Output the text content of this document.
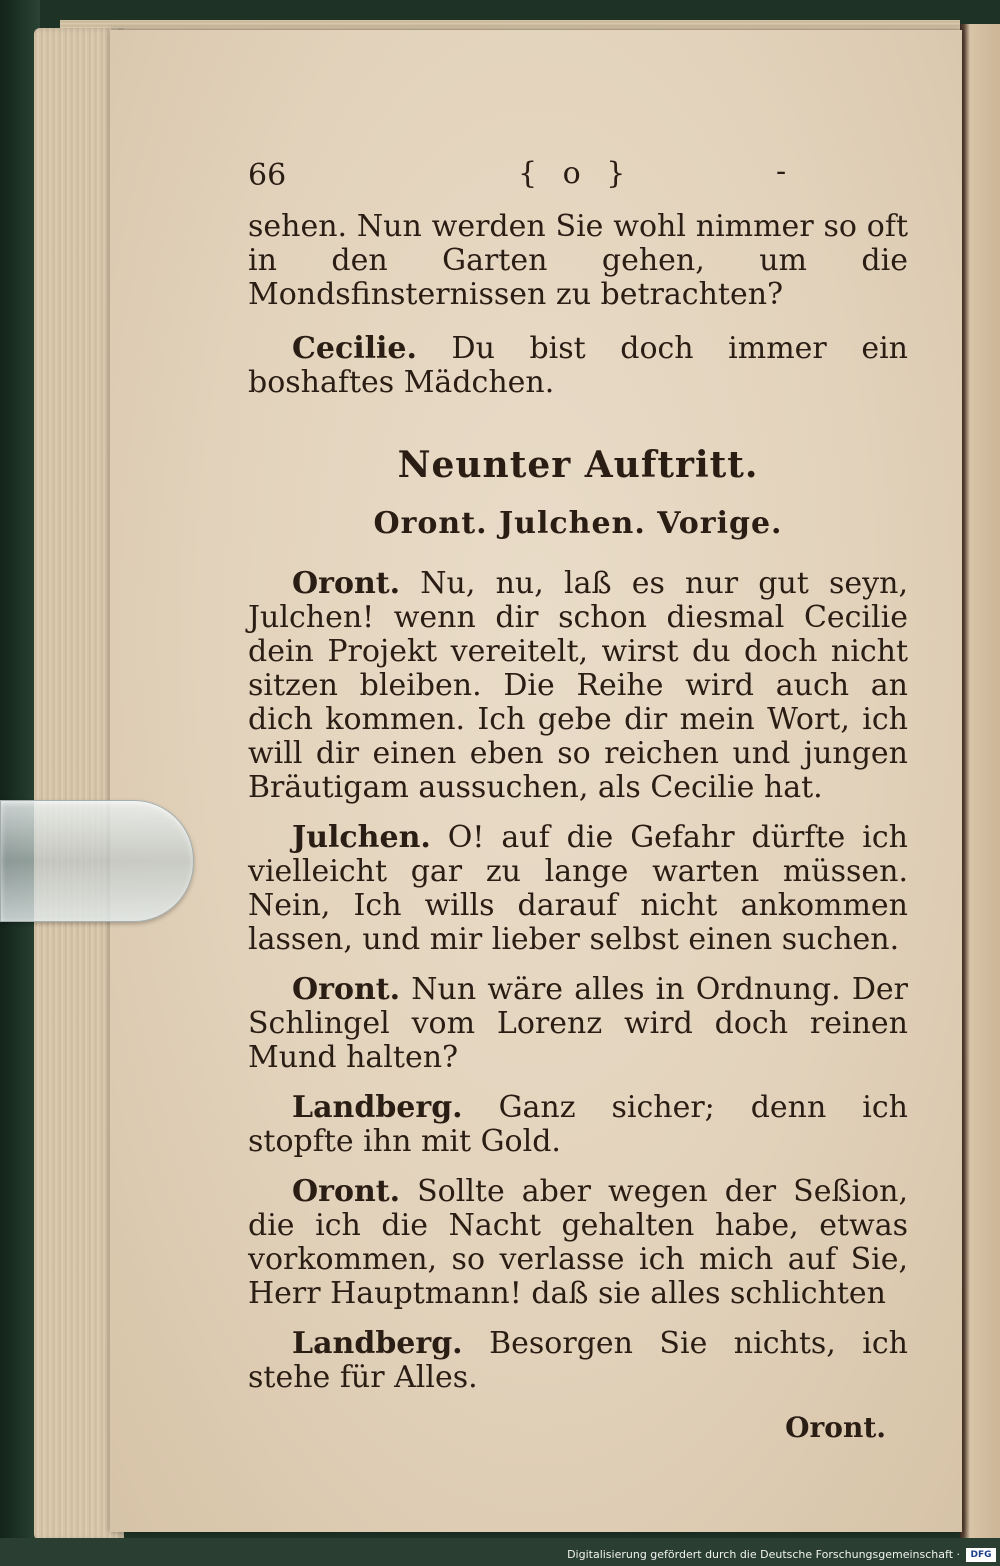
66	{ o }	-

sehen. Nun werden Sie wohl nimmer so oft in den Garten gehen, um die Mondsfinsternissen zu betrachten?

Cecilie. Du bist doch immer ein boshaftes Mädchen.

Neunter Auftritt.
Oront. Julchen. Vorige.

Oront. Nu, nu, laß es nur gut seyn, Julchen! wenn dir schon diesmal Cecilie dein Projekt vereitelt, wirst du doch nicht sitzen bleiben. Die Reihe wird auch an dich kommen. Ich gebe dir mein Wort, ich will dir einen eben so reichen und jungen Bräutigam aussuchen, als Cecilie hat.

Julchen. O! auf die Gefahr dürfte ich vielleicht gar zu lange warten müssen. Nein, Ich wills darauf nicht ankommen lassen, und mir lieber selbst einen suchen.

Oront. Nun wäre alles in Ordnung. Der Schlingel vom Lorenz wird doch reinen Mund halten?

Landberg. Ganz sicher; denn ich stopfte ihn mit Gold.

Oront. Sollte aber wegen der Seßion, die ich die Nacht gehalten habe, etwas vorkommen, so verlasse ich mich auf Sie, Herr Hauptmann! daß sie alles schlichten

Landberg. Besorgen Sie nichts, ich stehe für Alles.

Oront.
Digitalisierung gefördert durch die Deutsche Forschungsgemeinschaft ·	DFG
